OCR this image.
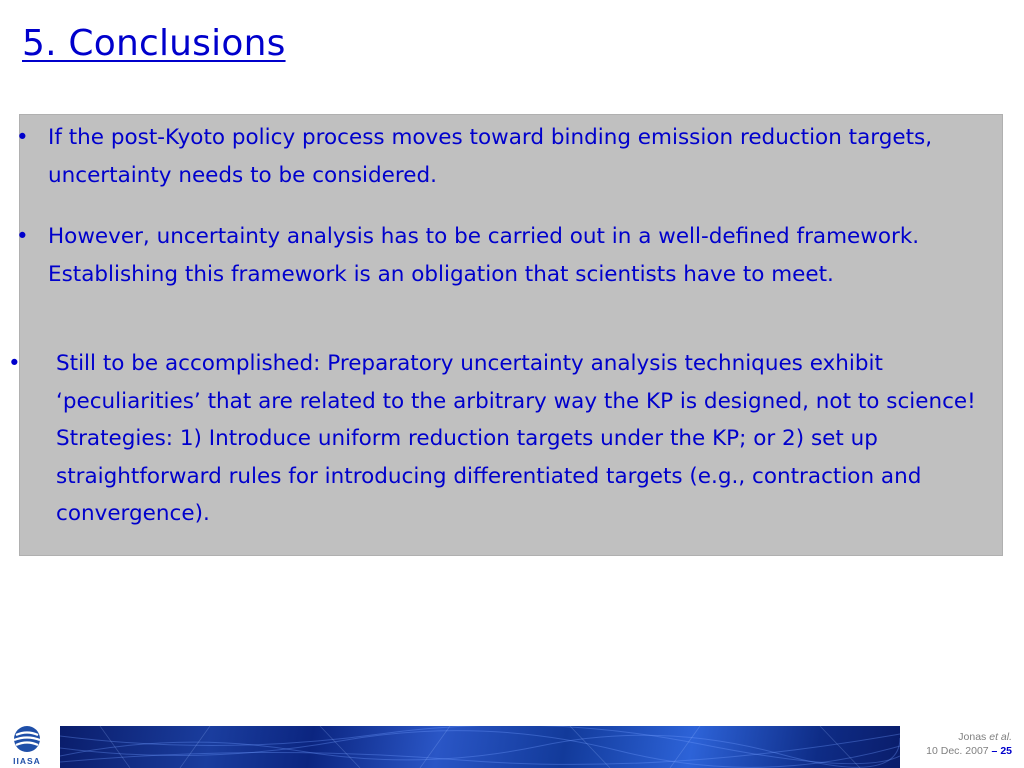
5. Conclusions

• If the post-Kyoto policy process moves toward binding emission reduction targets, uncertainty needs to be considered.

• However, uncertainty analysis has to be carried out in a well-defined framework. Establishing this framework is an obligation that scientists have to meet.

• Still to be accomplished: Preparatory uncertainty analysis techniques exhibit ‘peculiarities’ that are related to the arbitrary way the KP is designed, not to science! Strategies: 1) Introduce uniform reduction targets under the KP; or 2) set up straightforward rules for introducing differentiated targets (e.g., contraction and convergence).

IIASA
Jonas et al.
10 Dec. 2007 – 25
